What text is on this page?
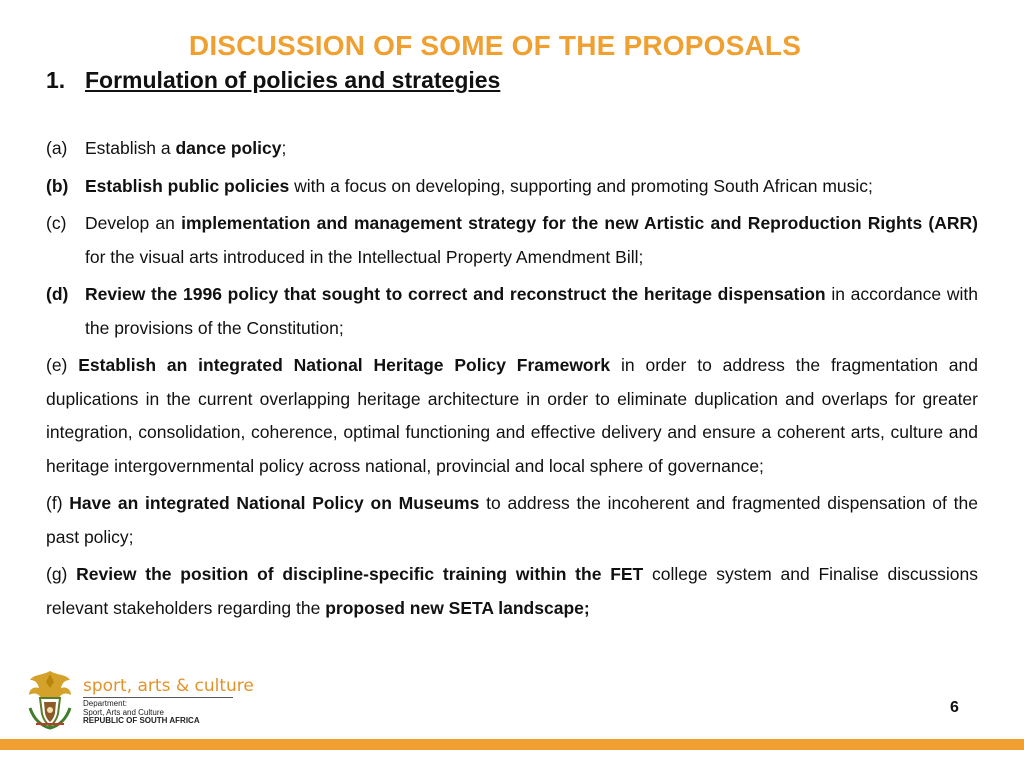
DISCUSSION OF SOME OF THE PROPOSALS
1. Formulation of policies and strategies
(a)	Establish a dance policy;
(b) Establish public policies with a focus on developing, supporting and promoting South African music;
(c)	Develop an implementation and management strategy for the new Artistic and Reproduction Rights (ARR) for the visual arts introduced in the Intellectual Property Amendment Bill;
(d) Review the 1996 policy that sought to correct and reconstruct the heritage dispensation in accordance with the provisions of the Constitution;
(e) Establish an integrated National Heritage Policy Framework in order to address the fragmentation and duplications in the current overlapping heritage architecture in order to eliminate duplication and overlaps for greater integration, consolidation, coherence, optimal functioning and effective delivery and ensure a coherent arts, culture and heritage intergovernmental policy across national, provincial and local sphere of governance;
(f) Have an integrated National Policy on Museums to address the incoherent and fragmented dispensation of the past policy;
(g) Review the position of discipline-specific training within the FET college system and Finalise discussions relevant stakeholders regarding the proposed new SETA landscape;
sport, arts & culture
Department:
Sport, Arts and Culture
REPUBLIC OF SOUTH AFRICA
6
